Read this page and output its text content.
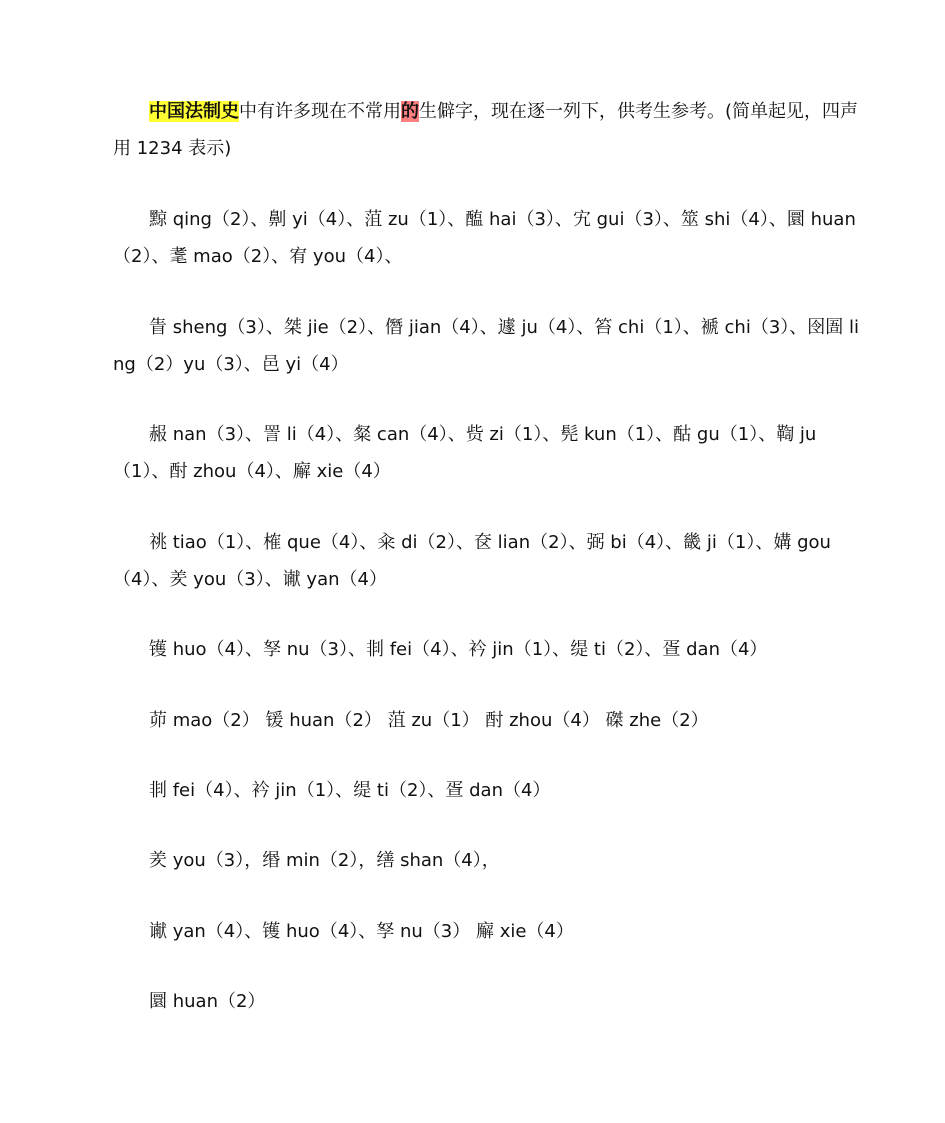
中国法制史中有许多现在不常用的生僻字，现在逐一列下，供考生参考。(简单起见，四声用 1234 表示)

黥 qing（2）、劓 yi（4）、菹 zu（1）、醢 hai（3）、宄 gui（3）、筮 shi（4）、圜 huan（2）、耄 mao（2）、宥 you（4）、

眚 sheng（3）、桀 jie（2）、僭 jian（4）、遽 ju（4）、笞 chi（1）、褫 chi（3）、囹圄 ling（2）yu（3）、邑 yi（4）

赧 nan（3）、詈 li（4）、粲 can（4）、赀 zi（1）、髡 kun（1）、酤 gu（1）、鞫 ju（1）、酎 zhou（4）、廨 xie（4）

祧 tiao（1）、榷 que（4）、籴 di（2）、奁 lian（2）、弼 bi（4）、畿 ji（1）、媾 gou（4）、羑 you（3）、谳 yan（4）

镬 huo（4）、孥 nu（3）、剕 fei（4）、衿 jin（1）、缇 ti（2）、疍 dan（4）

茆 mao（2） 锾 huan（2） 菹 zu（1） 酎 zhou（4） 磔 zhe（2）

剕 fei（4）、衿 jin（1）、缇 ti（2）、疍 dan（4）

羑 you（3），缗 min（2），缮 shan（4），

谳 yan（4）、镬 huo（4）、孥 nu（3） 廨 xie（4）

圜 huan（2）
